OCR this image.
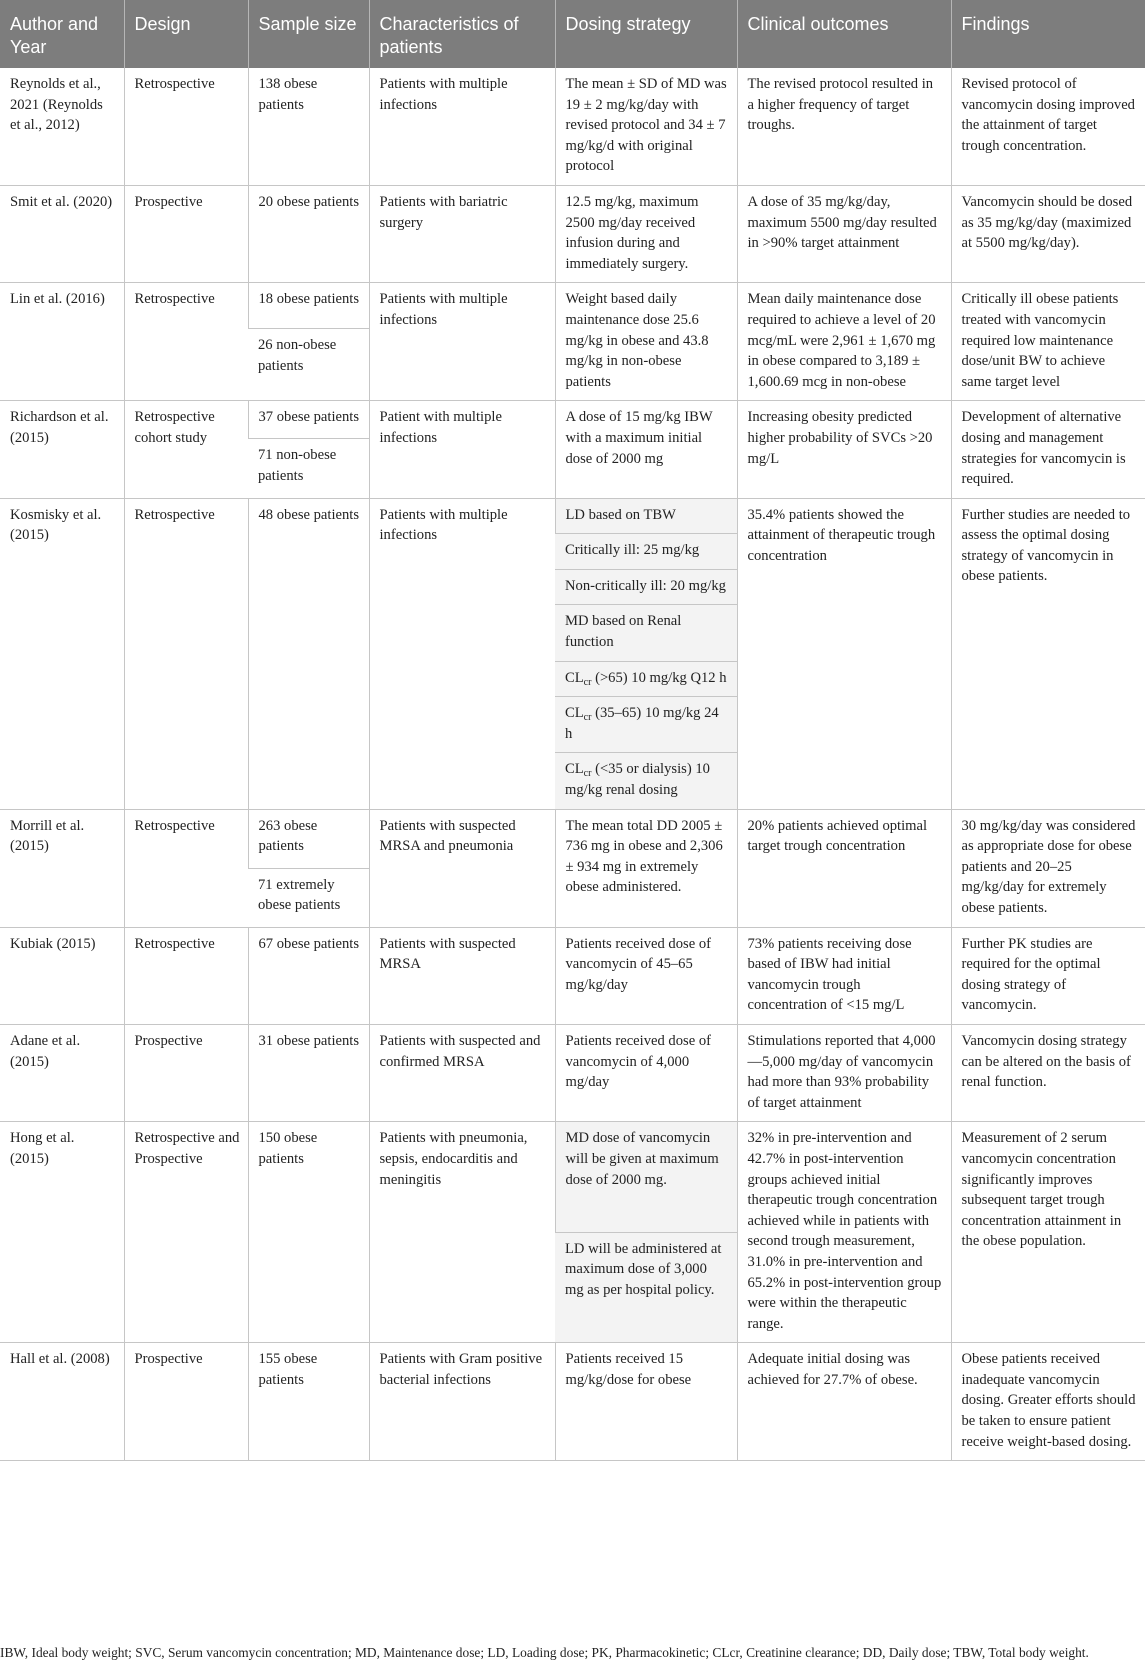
Author and Year	Design	Sample size	Characteristics of patients	Dosing strategy	Clinical outcomes	Findings
Reynolds et al., 2021 (Reynolds et al., 2012)	Retrospective	138 obese patients	Patients with multiple infections	The mean ± SD of MD was 19 ± 2 mg/kg/day with revised protocol and 34 ± 7 mg/kg/d with original protocol	The revised protocol resulted in a higher frequency of target troughs.	Revised protocol of vancomycin dosing improved the attainment of target trough concentration.
Smit et al. (2020)	Prospective	20 obese patients	Patients with bariatric surgery	12.5 mg/kg, maximum 2500 mg/day received infusion during and immediately surgery.	A dose of 35 mg/kg/day, maximum 5500 mg/day resulted in >90% target attainment	Vancomycin should be dosed as 35 mg/kg/day (maximized at 5500 mg/kg/day).
Lin et al. (2016)	Retrospective	18 obese patients	Patients with multiple infections	Weight based daily maintenance dose 25.6 mg/kg in obese and 43.8 mg/kg in non-obese patients	Mean daily maintenance dose required to achieve a level of 20 mcg/mL were 2,961 ± 1,670 mg in obese compared to 3,189 ± 1,600.69 mcg in non-obese	Critically ill obese patients treated with vancomycin required low maintenance dose/unit BW to achieve same target level
		26 non-obese patients				
Richardson et al. (2015)	Retrospective cohort study	37 obese patients	Patient with multiple infections	A dose of 15 mg/kg IBW with a maximum initial dose of 2000 mg	Increasing obesity predicted higher probability of SVCs >20 mg/L	Development of alternative dosing and management strategies for vancomycin is required.
		71 non-obese patients				
Kosmisky et al. (2015)	Retrospective	48 obese patients	Patients with multiple infections	LD based on TBW	35.4% patients showed the attainment of therapeutic trough concentration	Further studies are needed to assess the optimal dosing strategy of vancomycin in obese patients.
				Critically ill: 25 mg/kg		
				Non-critically ill: 20 mg/kg		
				MD based on Renal function		
				$CL_{cr}$ (>65) 10 mg/kg Q12 h		
				$CL_{cr}$ (35–65) 10 mg/kg 24 h		
				$CL_{cr}$ (<35 or dialysis) 10 mg/kg renal dosing		
Morrill et al. (2015)	Retrospective	263 obese patients	Patients with suspected MRSA and pneumonia	The mean total DD 2005 ± 736 mg in obese and 2,306 ± 934 mg in extremely obese administered.	20% patients achieved optimal target trough concentration	30 mg/kg/day was considered as appropriate dose for obese patients and 20–25 mg/kg/day for extremely obese patients.
		71 extremely obese patients				
Kubiak (2015)	Retrospective	67 obese patients	Patients with suspected MRSA	Patients received dose of vancomycin of 45–65 mg/kg/day	73% patients receiving dose based of IBW had initial vancomycin trough concentration of <15 mg/L	Further PK studies are required for the optimal dosing strategy of vancomycin.
Adane et al. (2015)	Prospective	31 obese patients	Patients with suspected and confirmed MRSA	Patients received dose of vancomycin of 4,000 mg/day	Stimulations reported that 4,000—5,000 mg/day of vancomycin had more than 93% probability of target attainment	Vancomycin dosing strategy can be altered on the basis of renal function.
Hong et al. (2015)	Retrospective and Prospective	150 obese patients	Patients with pneumonia, sepsis, endocarditis and meningitis	MD dose of vancomycin will be given at maximum dose of 2000 mg.	32% in pre-intervention and 42.7% in post-intervention groups achieved initial therapeutic trough concentration achieved while in patients with second trough measurement, 31.0% in pre-intervention and 65.2% in post-intervention group were within the therapeutic range.	Measurement of 2 serum vancomycin concentration significantly improves subsequent target trough concentration attainment in the obese population.
				LD will be administered at maximum dose of 3,000 mg as per hospital policy.		
Hall et al. (2008)	Prospective	155 obese patients	Patients with Gram positive bacterial infections	Patients received 15 mg/kg/dose for obese	Adequate initial dosing was achieved for 27.7% of obese.	Obese patients received inadequate vancomycin dosing. Greater efforts should be taken to ensure patient receive weight-based dosing.
IBW, Ideal body weight; SVC, Serum vancomycin concentration; MD, Maintenance dose; LD, Loading dose; PK, Pharmacokinetic; CLcr, Creatinine clearance; DD, Daily dose; TBW, Total body weight.
